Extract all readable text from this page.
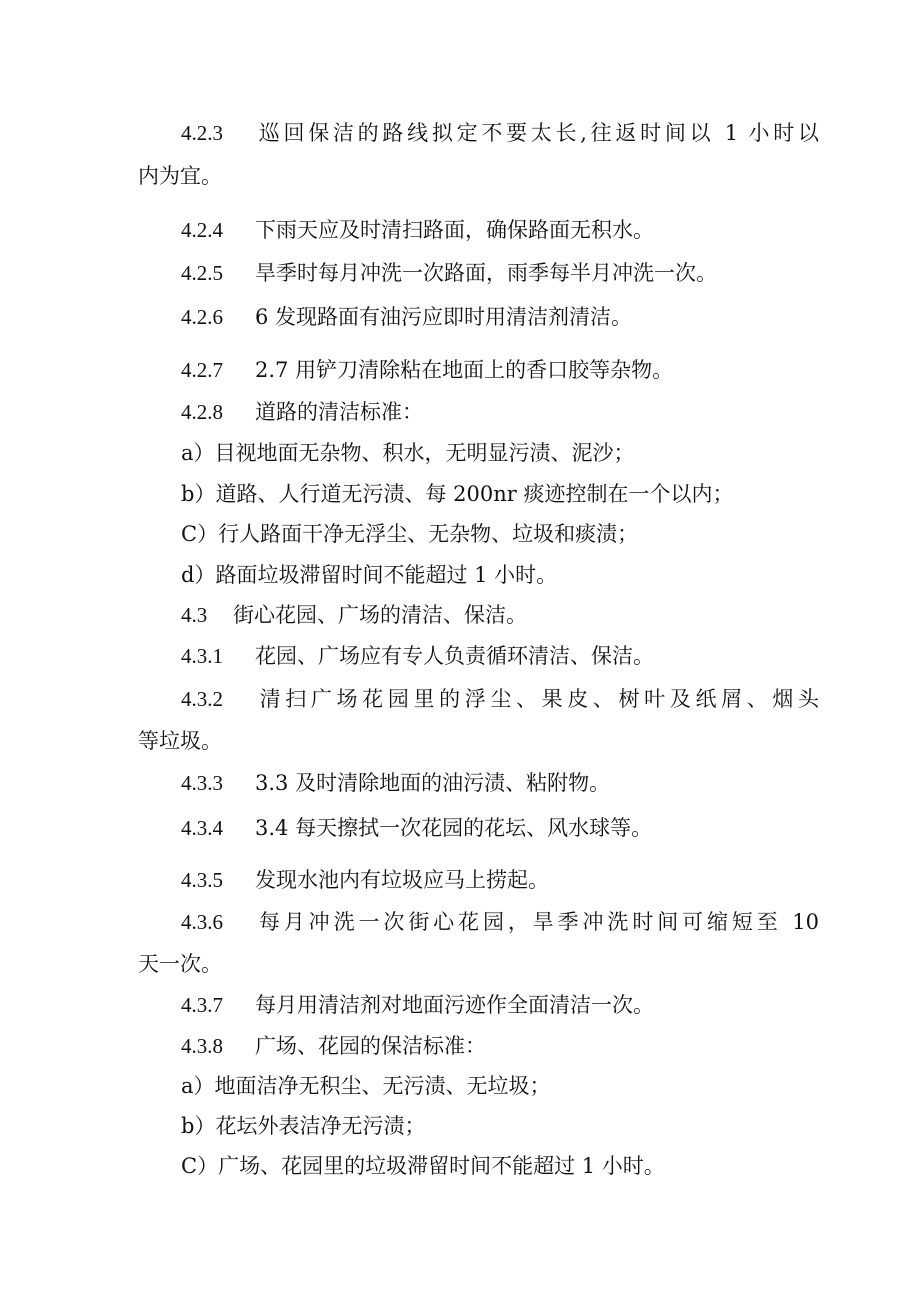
4.2.3 巡回保洁的路线拟定不要太长,往返时间以 1 小时以
内为宜。
4.2.4 下雨天应及时清扫路面，确保路面无积水。
4.2.5 旱季时每月冲洗一次路面，雨季每半月冲洗一次。
4.2.6 6 发现路面有油污应即时用清洁剂清洁。
4.2.7 2.7 用铲刀清除粘在地面上的香口胶等杂物。
4.2.8 道路的清洁标准：
a）目视地面无杂物、积水，无明显污渍、泥沙；
b）道路、人行道无污渍、每 200nr 痰迹控制在一个以内；
C）行人路面干净无浮尘、无杂物、垃圾和痰渍；
d）路面垃圾滞留时间不能超过 1 小时。
4.3 街心花园、广场的清洁、保洁。
4.3.1 花园、广场应有专人负责循环清洁、保洁。
4.3.2 清扫广场花园里的浮尘、果皮、树叶及纸屑、烟头
等垃圾。
4.3.3 3.3 及时清除地面的油污渍、粘附物。
4.3.4 3.4 每天擦拭一次花园的花坛、风水球等。
4.3.5 发现水池内有垃圾应马上捞起。
4.3.6 每月冲洗一次街心花园，旱季冲洗时间可缩短至 10
天一次。
4.3.7 每月用清洁剂对地面污迹作全面清洁一次。
4.3.8 广场、花园的保洁标准：
a）地面洁净无积尘、无污渍、无垃圾；
b）花坛外表洁净无污渍；
C）广场、花园里的垃圾滞留时间不能超过 1 小时。
